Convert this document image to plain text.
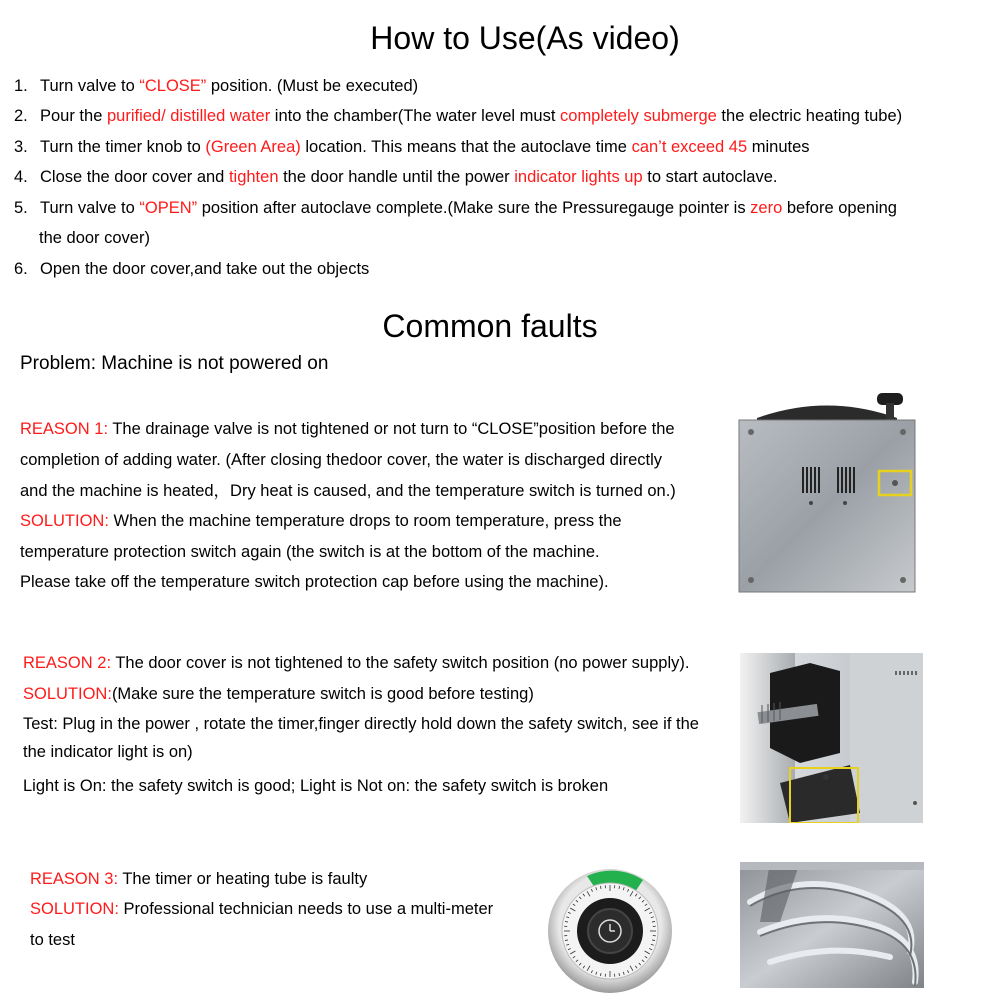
How to Use(As video)
1. Turn valve to “CLOSE” position. (Must be executed)
2. Pour the purified/ distilled water into the chamber(The water level must completely submerge the electric heating tube)
3. Turn the timer knob to (Green Area) location. This means that the autoclave time can’t exceed 45 minutes
4. Close the door cover and tighten the door handle until the power indicator lights up to start autoclave.
5. Turn valve to “OPEN” position after autoclave complete.(Make sure the Pressuregauge pointer is zero before opening
6. Open the door cover,and take out the objects
the door cover)
Common faults
Problem: Machine is not powered on
REASON 1: The drainage valve is not tightened or not turn to “CLOSE”position before the
completion of adding water. (After closing thedoor cover, the water is discharged directly
and the machine is heated，Dry heat is caused, and the temperature switch is turned on.)
SOLUTION: When the machine temperature drops to room temperature, press the
temperature protection switch again (the switch is at the bottom of the machine.
Please take off the temperature switch protection cap before using the machine).
REASON 2: The door cover is not tightened to the safety switch position (no power supply).
SOLUTION:(Make sure the temperature switch is good before testing)
Test: Plug in the power , rotate the timer,finger directly hold down the safety switch, see if the
the indicator light is on)
Light is On: the safety switch is good; Light is Not on: the safety switch is broken
REASON 3: The timer or heating tube is faulty
SOLUTION: Professional technician needs to use a multi-meter
to test
